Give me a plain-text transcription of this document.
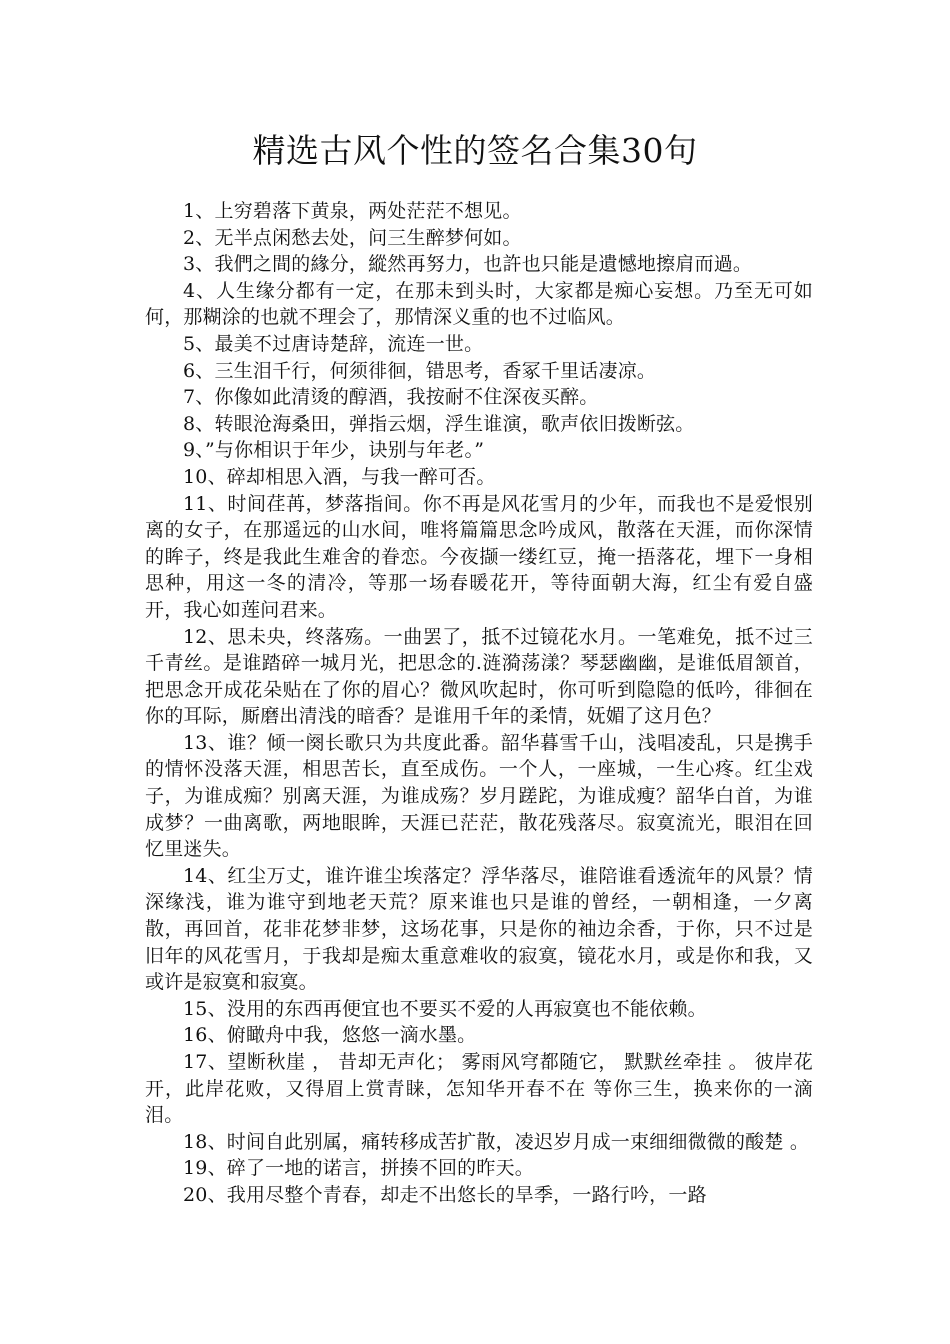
精选古风个性的签名合集30句

1、上穷碧落下黄泉，两处茫茫不想见。

2、无半点闲愁去处，问三生醉梦何如。

3、我們之間的緣分，縱然再努力，也許也只能是遺憾地擦肩而過。

4、人生缘分都有一定，在那未到头时，大家都是痴心妄想。乃至无可如何，那糊涂的也就不理会了，那情深义重的也不过临风。

5、最美不过唐诗楚辞，流连一世。

6、三生泪千行，何须徘徊，错思考，香冢千里话凄凉。

7、你像如此清烫的醇酒，我按耐不住深夜买醉。

8、转眼沧海桑田，弹指云烟，浮生谁演，歌声依旧拨断弦。

9、”与你相识于年少，诀别与年老。”

10、碎却相思入酒，与我一醉可否。

11、时间荏苒，梦落指间。你不再是风花雪月的少年，而我也不是爱恨别离的女子，在那遥远的山水间，唯将篇篇思念吟成风，散落在天涯，而你深情的眸子，终是我此生难舍的眷恋。今夜撷一缕红豆，掩一捂落花，埋下一身相思种，用这一冬的清冷，等那一场春暖花开，等待面朝大海，红尘有爱自盛开，我心如莲问君来。

12、思未央，终落殇。一曲罢了，抵不过镜花水月。一笔难免，抵不过三千青丝。是谁踏碎一城月光，把思念的.涟漪荡漾？琴瑟幽幽，是谁低眉颔首，把思念开成花朵贴在了你的眉心？微风吹起时，你可听到隐隐的低吟，徘徊在你的耳际，厮磨出清浅的暗香？是谁用千年的柔情，妩媚了这月色？

13、谁？倾一阕长歌只为共度此番。韶华暮雪千山，浅唱凌乱，只是携手的情怀没落天涯，相思苦长，直至成伤。一个人，一座城，一生心疼。红尘戏子，为谁成痴？别离天涯，为谁成殇？岁月蹉跎，为谁成瘦？韶华白首，为谁成梦？一曲离歌，两地眼眸，天涯已茫茫，散花残落尽。寂寞流光，眼泪在回忆里迷失。

14、红尘万丈，谁许谁尘埃落定？浮华落尽，谁陪谁看透流年的风景？情深缘浅，谁为谁守到地老天荒？原来谁也只是谁的曾经，一朝相逢，一夕离散，再回首，花非花梦非梦，这场花事，只是你的袖边余香，于你，只不过是旧年的风花雪月，于我却是痴太重意难收的寂寞，镜花水月，或是你和我，又或许是寂寞和寂寞。

15、没用的东西再便宜也不要买不爱的人再寂寞也不能依赖。

16、俯瞰舟中我，悠悠一滴水墨。

17、望断秋崖 ， 昔却无声化； 雾雨风穹都随它， 默默丝牵挂 。 彼岸花开，此岸花败，又得眉上赏青睐，怎知华开春不在 等你三生，换来你的一滴泪。

18、时间自此别属，痛转移成苦扩散，凌迟岁月成一束细细微微的酸楚 。

19、碎了一地的诺言，拼揍不回的昨天。

20、我用尽整个青春，却走不出悠长的旱季，一路行吟，一路
